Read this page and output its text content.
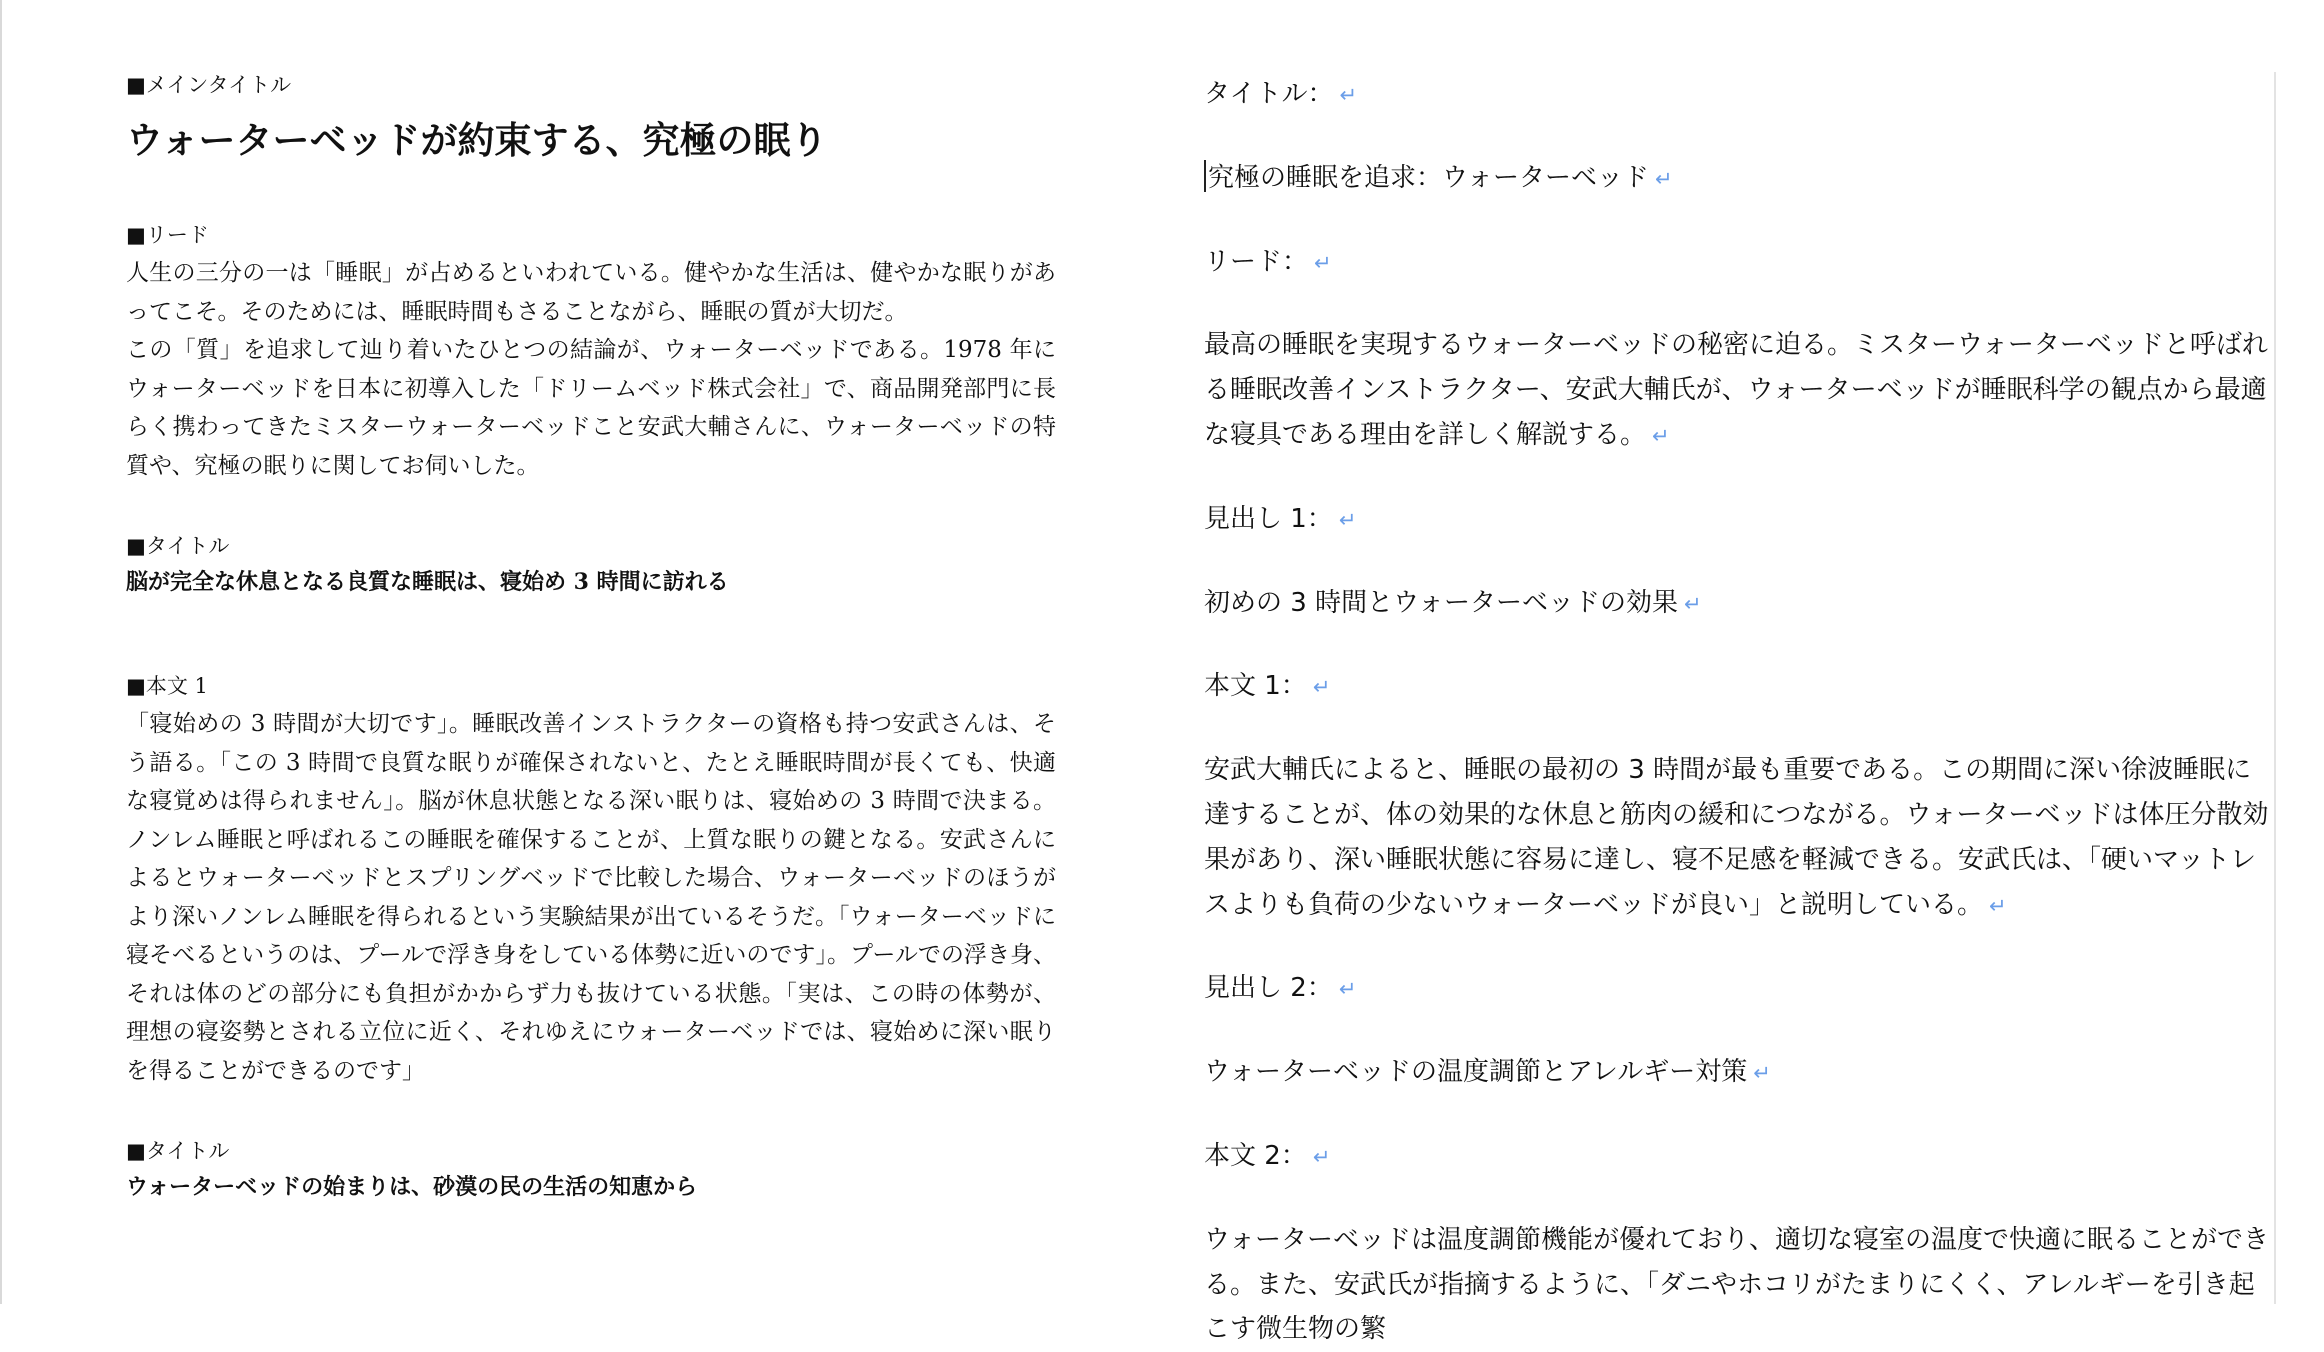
■メインタイトル
ウォーターベッドが約束する、究極の眠り
■リード

人生の三分の一は「睡眠」が占めるといわれている。健やかな生活は、健やかな眠りがあってこそ。そのためには、睡眠時間もさることながら、睡眠の質が大切だ。

この「質」を追求して辿り着いたひとつの結論が、ウォーターベッドである。1978 年にウォーターベッドを日本に初導入した「ドリームベッド株式会社」で、商品開発部門に長らく携わってきたミスターウォーターベッドこと安武大輔さんに、ウォーターベッドの特質や、究極の眠りに関してお伺いした。

■タイトル
脳が完全な休息となる良質な睡眠は、寝始め 3 時間に訪れる
■本文 1

「寝始めの 3 時間が大切です」。睡眠改善インストラクターの資格も持つ安武さんは、そう語る。「この 3 時間で良質な眠りが確保されないと、たとえ睡眠時間が長くても、快適な寝覚めは得られません」。脳が休息状態となる深い眠りは、寝始めの 3 時間で決まる。ノンレム睡眠と呼ばれるこの睡眠を確保することが、上質な眠りの鍵となる。安武さんによるとウォーターベッドとスプリングベッドで比較した場合、ウォーターベッドのほうがより深いノンレム睡眠を得られるという実験結果が出ているそうだ。「ウォーターベッドに寝そべるというのは、プールで浮き身をしている体勢に近いのです」。プールでの浮き身、それは体のどの部分にも負担がかからず力も抜けている状態。「実は、この時の体勢が、理想の寝姿勢とされる立位に近く、それゆえにウォーターベッドでは、寝始めに深い眠りを得ることができるのです」

■タイトル
ウォーターベッドの始まりは、砂漠の民の生活の知恵から
タイトル： ↵
究極の睡眠を追求：ウォーターベッド ↵
リード： ↵
最高の睡眠を実現するウォーターベッドの秘密に迫る。ミスターウォーターベッドと呼ばれる睡眠改善インストラクター、安武大輔氏が、ウォーターベッドが睡眠科学の観点から最適な寝具である理由を詳しく解説する。 ↵
見出し 1： ↵
初めの 3 時間とウォーターベッドの効果 ↵
本文 1： ↵
安武大輔氏によると、睡眠の最初の 3 時間が最も重要である。この期間に深い徐波睡眠に達することが、体の効果的な休息と筋肉の緩和につながる。ウォーターベッドは体圧分散効果があり、深い睡眠状態に容易に達し、寝不足感を軽減できる。安武氏は、「硬いマットレスよりも負荷の少ないウォーターベッドが良い」と説明している。 ↵
見出し 2： ↵
ウォーターベッドの温度調節とアレルギー対策 ↵
本文 2： ↵
ウォーターベッドは温度調節機能が優れており、適切な寝室の温度で快適に眠ることができる。また、安武氏が指摘するように、「ダニやホコリがたまりにくく、アレルギーを引き起こす微生物の繁
